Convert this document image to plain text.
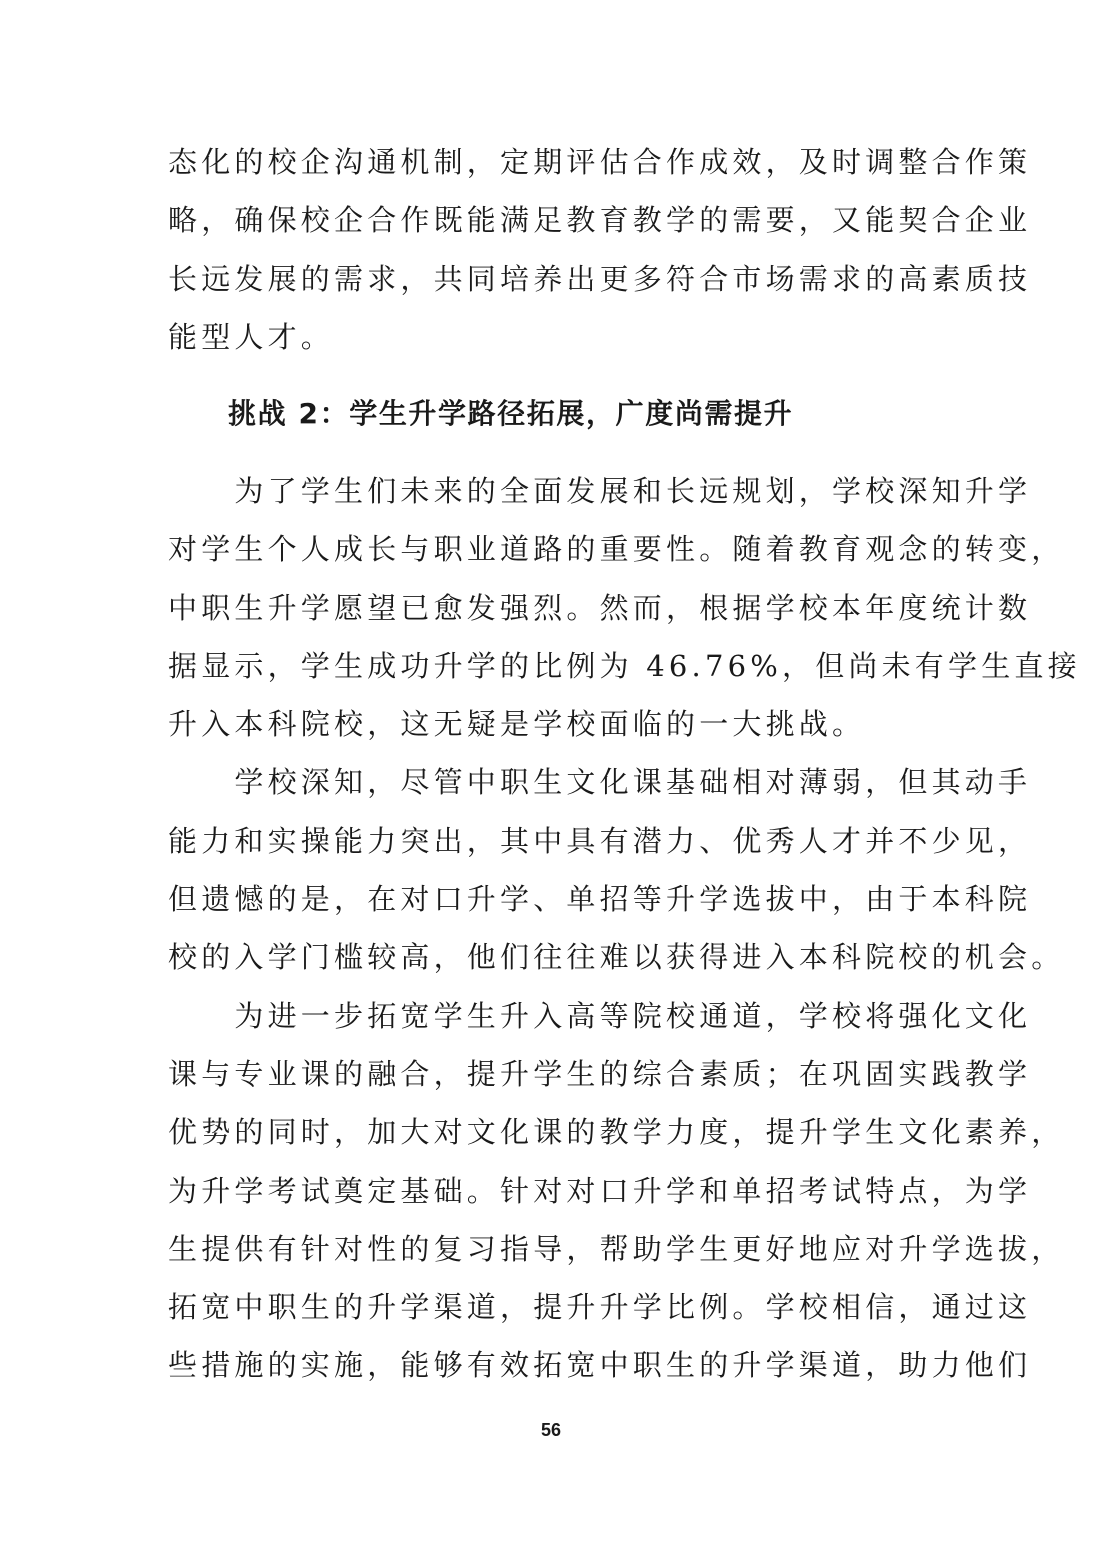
态化的校企沟通机制，定期评估合作成效，及时调整合作策
略，确保校企合作既能满足教育教学的需要，又能契合企业
长远发展的需求，共同培养出更多符合市场需求的高素质技
能型人才。
挑战 2：学生升学路径拓展，广度尚需提升
　　为了学生们未来的全面发展和长远规划，学校深知升学
对学生个人成长与职业道路的重要性。随着教育观念的转变，
中职生升学愿望已愈发强烈。然而，根据学校本年度统计数
据显示，学生成功升学的比例为 46.76%，但尚未有学生直接
升入本科院校，这无疑是学校面临的一大挑战。
　　学校深知，尽管中职生文化课基础相对薄弱，但其动手
能力和实操能力突出，其中具有潜力、优秀人才并不少见，
但遗憾的是，在对口升学、单招等升学选拔中，由于本科院
校的入学门槛较高，他们往往难以获得进入本科院校的机会。
　　为进一步拓宽学生升入高等院校通道，学校将强化文化
课与专业课的融合，提升学生的综合素质；在巩固实践教学
优势的同时，加大对文化课的教学力度，提升学生文化素养，
为升学考试奠定基础。针对对口升学和单招考试特点，为学
生提供有针对性的复习指导，帮助学生更好地应对升学选拔，
拓宽中职生的升学渠道，提升升学比例。学校相信，通过这
些措施的实施，能够有效拓宽中职生的升学渠道，助力他们

56
